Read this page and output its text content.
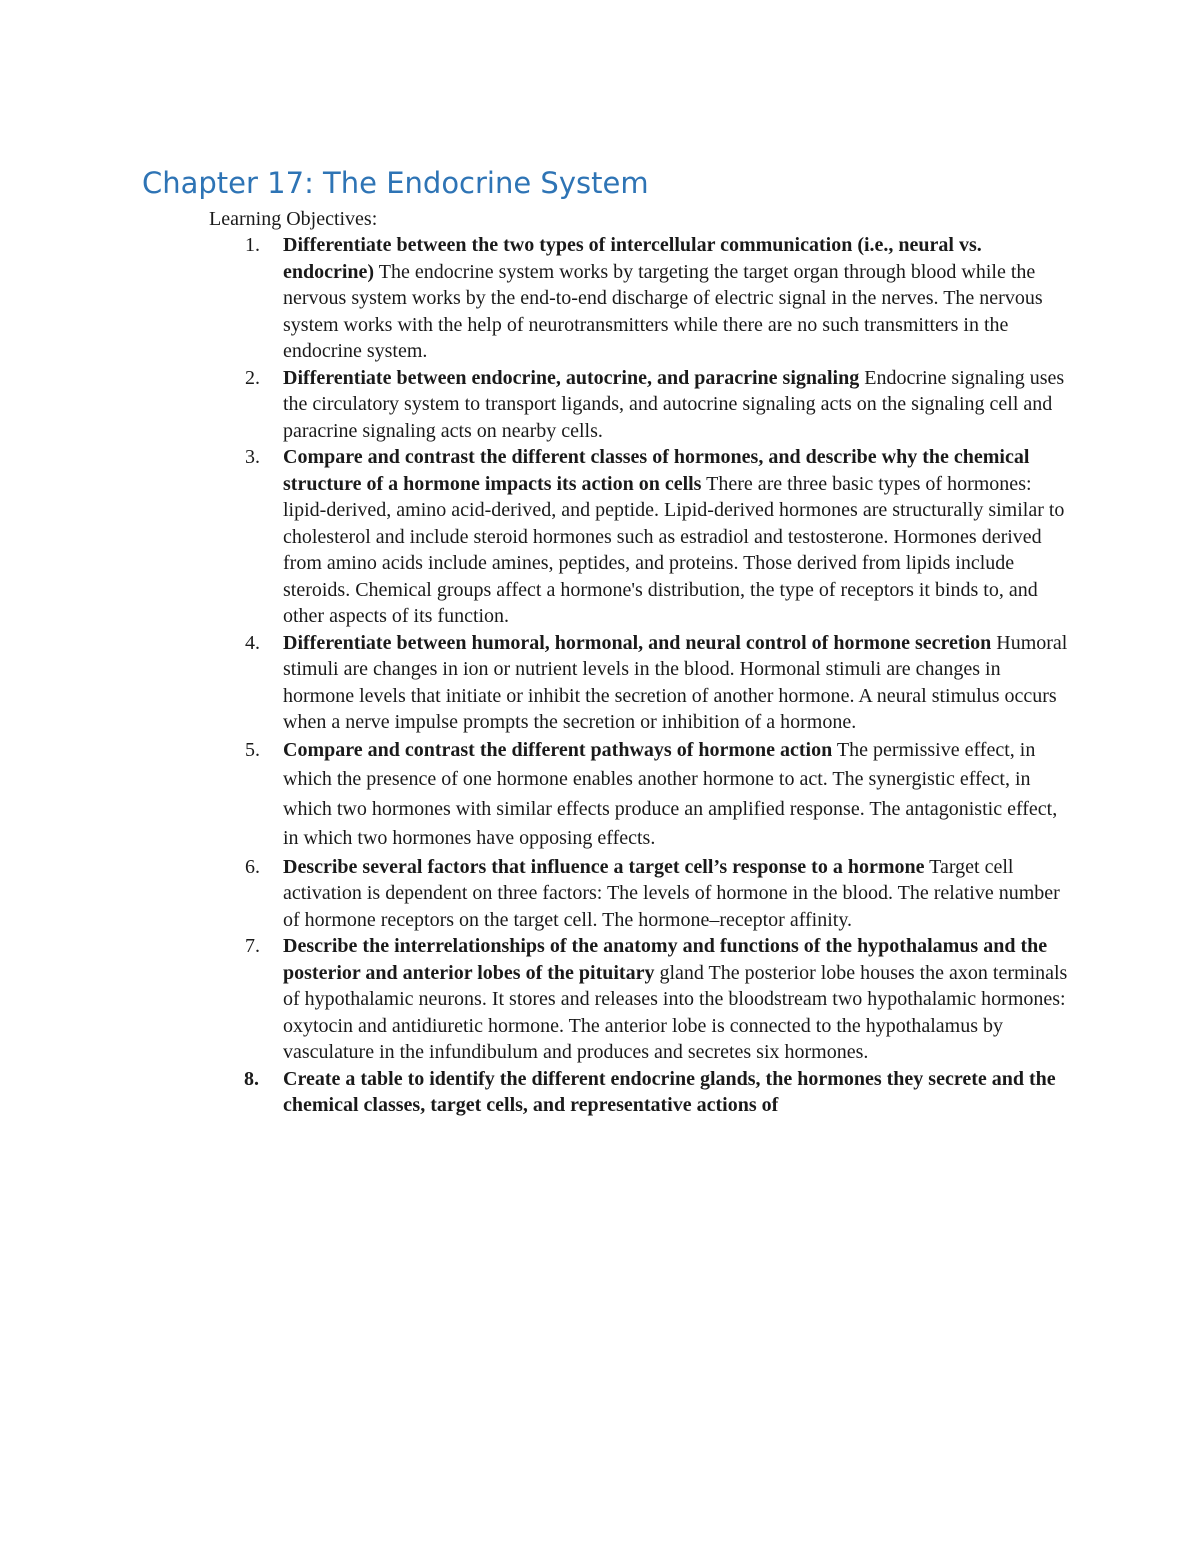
Chapter 17: The Endocrine System
Learning Objectives:
1. Differentiate between the two types of intercellular communication (i.e., neural vs. endocrine) The endocrine system works by targeting the target organ through blood while the nervous system works by the end-to-end discharge of electric signal in the nerves. The nervous system works with the help of neurotransmitters while there are no such transmitters in the endocrine system.
2. Differentiate between endocrine, autocrine, and paracrine signaling Endocrine signaling uses the circulatory system to transport ligands, and autocrine signaling acts on the signaling cell and paracrine signaling acts on nearby cells.
3. Compare and contrast the different classes of hormones, and describe why the chemical structure of a hormone impacts its action on cells There are three basic types of hormones: lipid-derived, amino acid-derived, and peptide. Lipid-derived hormones are structurally similar to cholesterol and include steroid hormones such as estradiol and testosterone. Hormones derived from amino acids include amines, peptides, and proteins. Those derived from lipids include steroids. Chemical groups affect a hormone's distribution, the type of receptors it binds to, and other aspects of its function.
4. Differentiate between humoral, hormonal, and neural control of hormone secretion Humoral stimuli are changes in ion or nutrient levels in the blood. Hormonal stimuli are changes in hormone levels that initiate or inhibit the secretion of another hormone. A neural stimulus occurs when a nerve impulse prompts the secretion or inhibition of a hormone.
5. Compare and contrast the different pathways of hormone action The permissive effect, in which the presence of one hormone enables another hormone to act. The synergistic effect, in which two hormones with similar effects produce an amplified response. The antagonistic effect, in which two hormones have opposing effects.
6. Describe several factors that influence a target cell’s response to a hormone Target cell activation is dependent on three factors: The levels of hormone in the blood. The relative number of hormone receptors on the target cell. The hormone–receptor affinity.
7. Describe the interrelationships of the anatomy and functions of the hypothalamus and the posterior and anterior lobes of the pituitary gland The posterior lobe houses the axon terminals of hypothalamic neurons. It stores and releases into the bloodstream two hypothalamic hormones: oxytocin and antidiuretic hormone. The anterior lobe is connected to the hypothalamus by vasculature in the infundibulum and produces and secretes six hormones.
8. Create a table to identify the different endocrine glands, the hormones they secrete and the chemical classes, target cells, and representative actions of
